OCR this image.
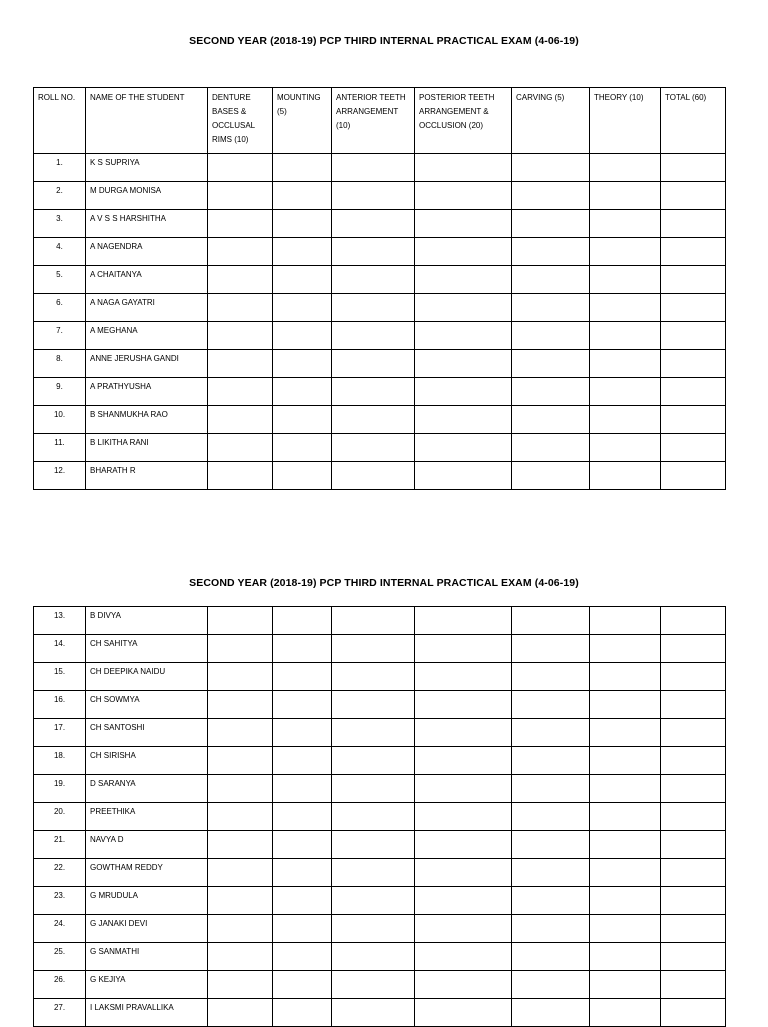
SECOND YEAR (2018-19) PCP THIRD INTERNAL PRACTICAL EXAM (4-06-19)
ROLL NO.	NAME OF THE STUDENT	DENTURE BASES & OCCLUSAL RIMS (10)	MOUNTING (5)	ANTERIOR TEETH ARRANGEMENT (10)	POSTERIOR TEETH ARRANGEMENT & OCCLUSION (20)	CARVING (5)	THEORY (10)	TOTAL (60)
1.	K S SUPRIYA							
2.	M DURGA MONISA							
3.	A V S S HARSHITHA							
4.	A NAGENDRA							
5.	A CHAITANYA							
6.	A NAGA GAYATRI							
7.	A MEGHANA							
8.	ANNE JERUSHA GANDI							
9.	A PRATHYUSHA							
10.	B SHANMUKHA RAO							
11.	B LIKITHA RANI							
12.	BHARATH R							
SECOND YEAR (2018-19) PCP THIRD INTERNAL PRACTICAL EXAM (4-06-19)
13.	B DIVYA							
14.	CH SAHITYA							
15.	CH DEEPIKA NAIDU							
16.	CH SOWMYA							
17.	CH SANTOSHI							
18.	CH SIRISHA							
19.	D SARANYA							
20.	PREETHIKA							
21.	NAVYA D							
22.	GOWTHAM REDDY							
23.	G MRUDULA							
24.	G JANAKI DEVI							
25.	G SANMATHI							
26.	G KEJIYA							
27.	I LAKSMI PRAVALLIKA							
